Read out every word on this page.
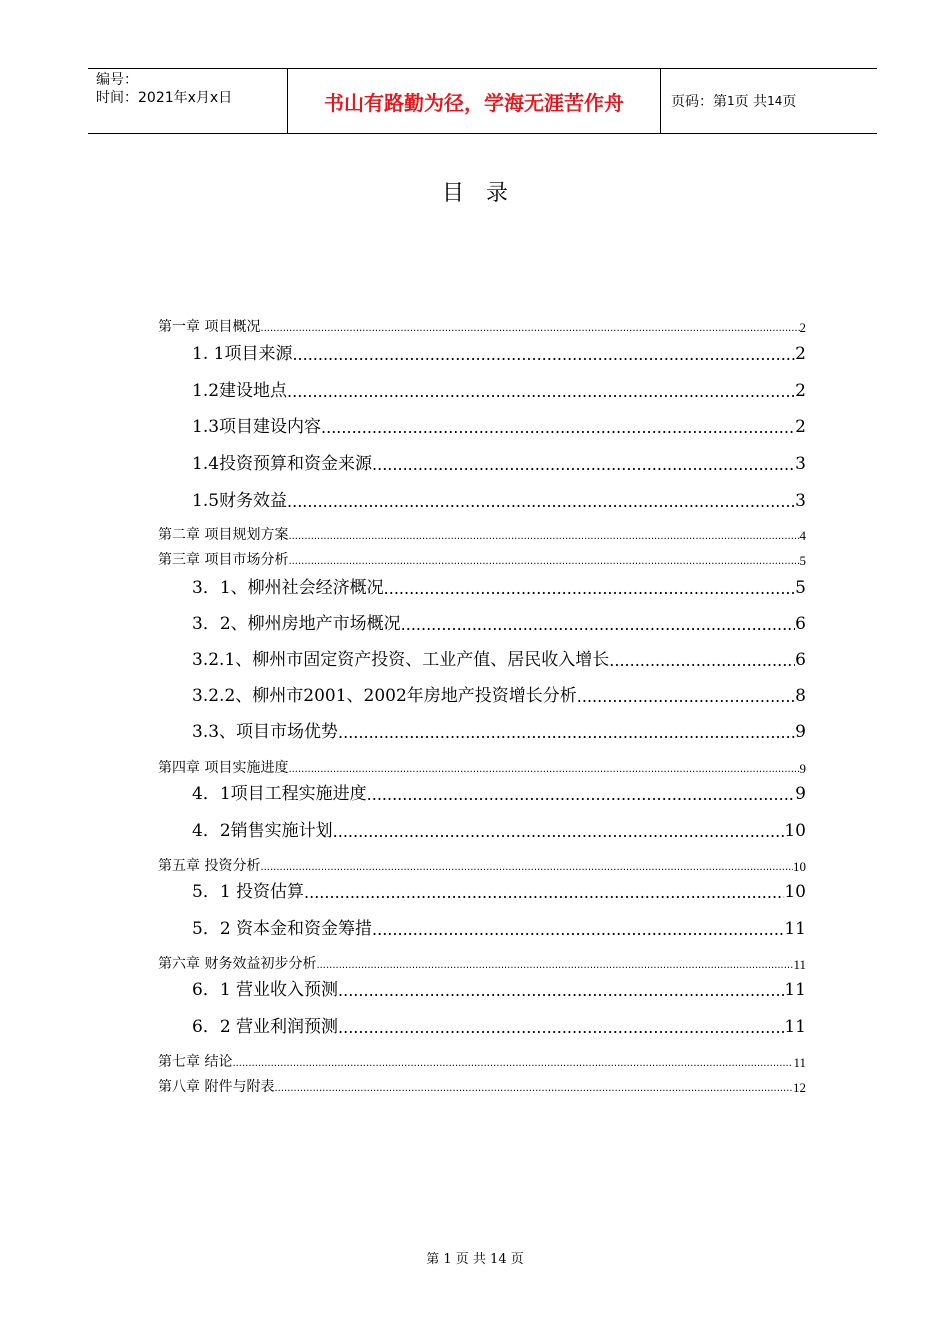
编号：
时间：2021年x月x日	书山有路勤为径，学海无涯苦作舟	页码：第 1 页 共 14 页
目录
第一章 项目概况 .....	2
1. 1项目来源 .....	2
1.2建设地点 .....	2
1.3项目建设内容 .....	2
1.4投资预算和资金来源 .....	3
1.5财务效益 .....	3
第二章 项目规划方案 .....	4
第三章 项目市场分析 .....	5
3．1、柳州社会经济概况 .....	5
3．2、柳州房地产市场概况 .....	6
3.2.1、柳州市固定资产投资、工业产值、居民收入增长 .....	6
3.2.2、柳州市2001、2002年房地产投资增长分析 .....	8
3.3、项目市场优势 .....	9
第四章 项目实施进度 .....	9
4．1项目工程实施进度 .....	9
4．2销售实施计划 .....	10
第五章 投资分析 .....	10
5．1 投资估算 .....	10
5．2 资本金和资金筹措 .....	11
第六章 财务效益初步分析 .....	11
6．1 营业收入预测 .....	11
6．2 营业利润预测 .....	11
第七章 结论 .....	11
第八章 附件与附表 .....	12
第 1 页 共 14 页
